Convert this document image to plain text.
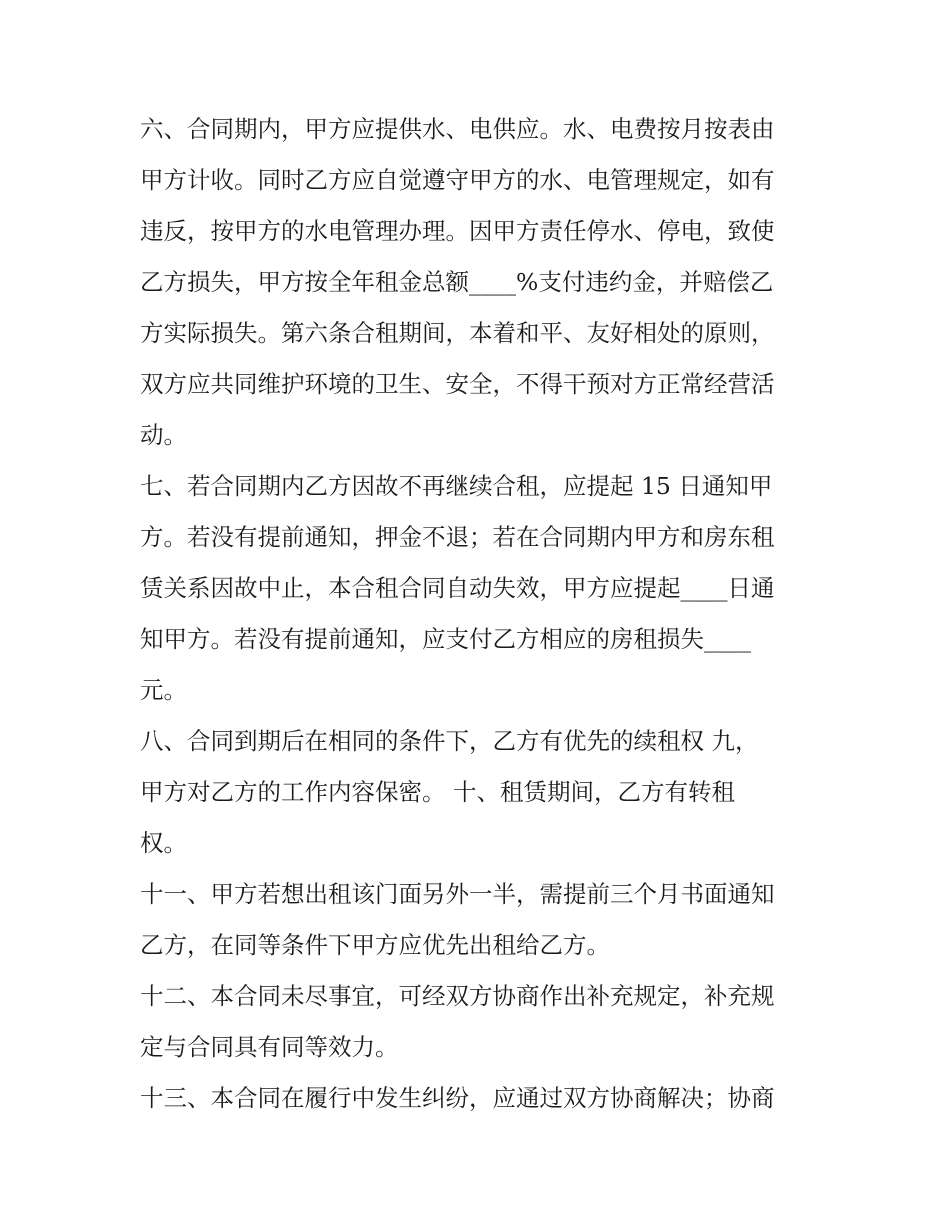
六、合同期内，甲方应提供水、电供应。水、电费按月按表由
甲方计收。同时乙方应自觉遵守甲方的水、电管理规定，如有
违反，按甲方的水电管理办理。因甲方责任停水、停电，致使
乙方损失，甲方按全年租金总额____%支付违约金，并赔偿乙
方实际损失。第六条合租期间，本着和平、友好相处的原则，
双方应共同维护环境的卫生、安全，不得干预对方正常经营活
动。
七、若合同期内乙方因故不再继续合租，应提起 15 日通知甲
方。若没有提前通知，押金不退；若在合同期内甲方和房东租
赁关系因故中止，本合租合同自动失效，甲方应提起____日通
知甲方。若没有提前通知，应支付乙方相应的房租损失____
元。
八、合同到期后在相同的条件下，乙方有优先的续租权 九，
甲方对乙方的工作内容保密。 十、租赁期间，乙方有转租
权。
十一、甲方若想出租该门面另外一半，需提前三个月书面通知
乙方，在同等条件下甲方应优先出租给乙方。
十二、本合同未尽事宜，可经双方协商作出补充规定，补充规
定与合同具有同等效力。
十三、本合同在履行中发生纠纷，应通过双方协商解决；协商
